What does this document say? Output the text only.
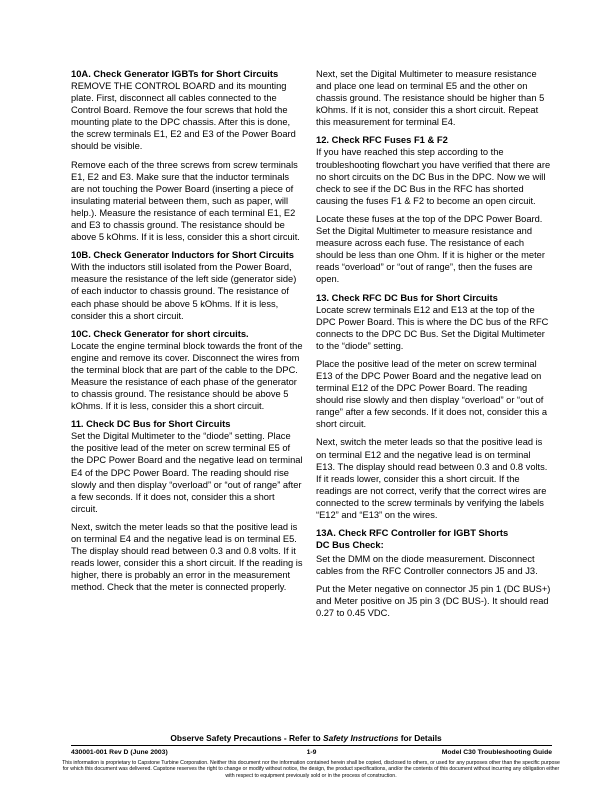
10A. Check Generator IGBTs for Short Circuits

REMOVE THE CONTROL BOARD and its mounting plate. First, disconnect all cables connected to the Control Board. Remove the four screws that hold the mounting plate to the DPC chassis. After this is done, the screw terminals E1, E2 and E3 of the Power Board should be visible.

Remove each of the three screws from screw terminals E1, E2 and E3. Make sure that the inductor terminals are not touching the Power Board (inserting a piece of insulating material between them, such as paper, will help.). Measure the resistance of each terminal E1, E2 and E3 to chassis ground. The resistance should be above 5 kOhms. If it is less, consider this a short circuit.

10B. Check Generator Inductors for Short Circuits

With the inductors still isolated from the Power Board, measure the resistance of the left side (generator side) of each inductor to chassis ground. The resistance of each phase should be above 5 kOhms. If it is less, consider this a short circuit.

10C. Check Generator for short circuits.

Locate the engine terminal block towards the front of the engine and remove its cover. Disconnect the wires from the terminal block that are part of the cable to the DPC. Measure the resistance of each phase of the generator to chassis ground. The resistance should be above 5 kOhms. If it is less, consider this a short circuit.

11. Check DC Bus for Short Circuits

Set the Digital Multimeter to the “diode” setting. Place the positive lead of the meter on screw terminal E5 of the DPC Power Board and the negative lead on terminal E4 of the DPC Power Board. The reading should rise slowly and then display “overload” or “out of range” after a few seconds. If it does not, consider this a short circuit.

Next, switch the meter leads so that the positive lead is on terminal E4 and the negative lead is on terminal E5. The display should read between 0.3 and 0.8 volts. If it reads lower, consider this a short circuit. If the reading is higher, there is probably an error in the measurement method. Check that the meter is connected properly.

Next, set the Digital Multimeter to measure resistance and place one lead on terminal E5 and the other on chassis ground. The resistance should be higher than 5 kOhms. If it is not, consider this a short circuit. Repeat this measurement for terminal E4.

12. Check RFC Fuses F1 & F2

If you have reached this step according to the troubleshooting flowchart you have verified that there are no short circuits on the DC Bus in the DPC. Now we will check to see if the DC Bus in the RFC has shorted causing the fuses F1 & F2 to become an open circuit.

Locate these fuses at the top of the DPC Power Board. Set the Digital Multimeter to measure resistance and measure across each fuse. The resistance of each should be less than one Ohm. If it is higher or the meter reads “overload” or “out of range”, then the fuses are open.

13. Check RFC DC Bus for Short Circuits

Locate screw terminals E12 and E13 at the top of the DPC Power Board. This is where the DC bus of the RFC connects to the DPC DC Bus. Set the Digital Multimeter to the “diode” setting.

Place the positive lead of the meter on screw terminal E13 of the DPC Power Board and the negative lead on terminal E12 of the DPC Power Board. The reading should rise slowly and then display “overload” or “out of range” after a few seconds. If it does not, consider this a short circuit.

Next, switch the meter leads so that the positive lead is on terminal E12 and the negative lead is on terminal E13. The display should read between 0.3 and 0.8 volts. If it reads lower, consider this a short circuit. If the readings are not correct, verify that the correct wires are connected to the screw terminals by verifying the labels “E12” and “E13” on the wires.

13A. Check RFC Controller for IGBT Shorts
DC Bus Check:

Set the DMM on the diode measurement. Disconnect cables from the RFC Controller connectors J5 and J3.

Put the Meter negative on connector J5 pin 1 (DC BUS+) and Meter positive on J5 pin 3 (DC BUS-). It should read 0.27 to 0.45 VDC.

Observe Safety Precautions - Refer to Safety Instructions for Details
430001-001 Rev D (June 2003)	1-9	Model C30 Troubleshooting Guide
This information is proprietary to Capstone Turbine Corporation. Neither this document nor the information contained herein shall be copied, disclosed to others, or used for any purposes other than the specific purpose for which this document was delivered. Capstone reserves the right to change or modify without notice, the design, the product specifications, and/or the contents of this document without incurring any obligation either with respect to equipment previously sold or in the process of construction.
